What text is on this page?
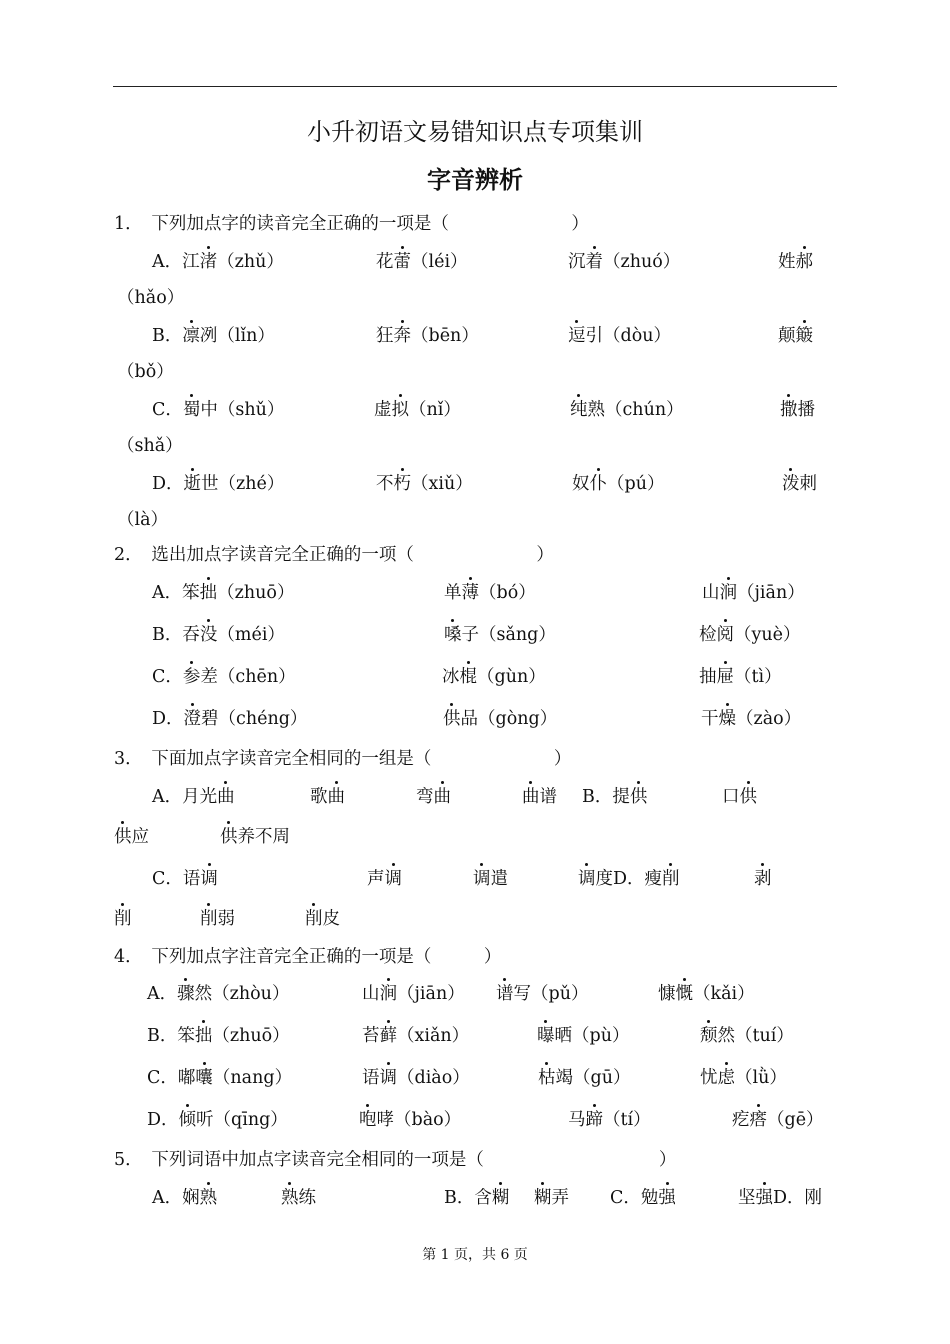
小升初语文易错知识点专项集训
字音辨析
1．　下列加点字的读音完全正确的一项是（　　　　　　　）
A．江渚（zhǔ）	花蕾（léi）	沉着（zhuó）	姓郝
（hǎo）
B．凛冽（lǐn）	狂奔（bēn）	逗引（dòu）	颠簸
（bǒ）
C．蜀中（shǔ）	虚拟（nǐ）	纯熟（chún）	撒播
（shǎ）
D．逝世（zhé）	不朽（xiǔ）	奴仆（pú）	泼刺
（là）
2．　选出加点字读音完全正确的一项（　　　　　　　）
A．笨拙（zhuō）	单薄（bó）	山涧（jiān）
B．吞没（méi）	嗓子（sǎng）	检阅（yuè）
C．参差（chēn）	冰棍（gùn）	抽屉（tì）
D．澄碧（chéng）	供品（gòng）	干燥（zào）
3．　下面加点字读音完全相同的一组是（　　　　　　　）
A．月光曲	歌曲	弯曲	曲谱 B．提供	口供
供应	供养不周
C．语调	声调	调遣	调度D．瘦削	剥
削	削弱	削皮
4．　下列加点字注音完全正确的一项是（　　　）
A．骤然（zhòu）	山涧（jiān） 谱写（pǔ）	慷慨（kǎi）
B．笨拙（zhuō）	苔藓（xiǎn）	曝晒（pù）	颓然（tuí）
C．嘟囔（nang）	语调（diào）	枯竭（gū）	忧虑（lǜ）
D．倾听（qīng）	咆哮（bào）	马蹄（tí）	疙瘩（gē）
5．　下列词语中加点字读音完全相同的一项是（　　　　　　　　　　）
A．娴熟	熟练	B．含糊 糊弄 C．勉强	坚强D．刚
第 1 页，共 6 页
